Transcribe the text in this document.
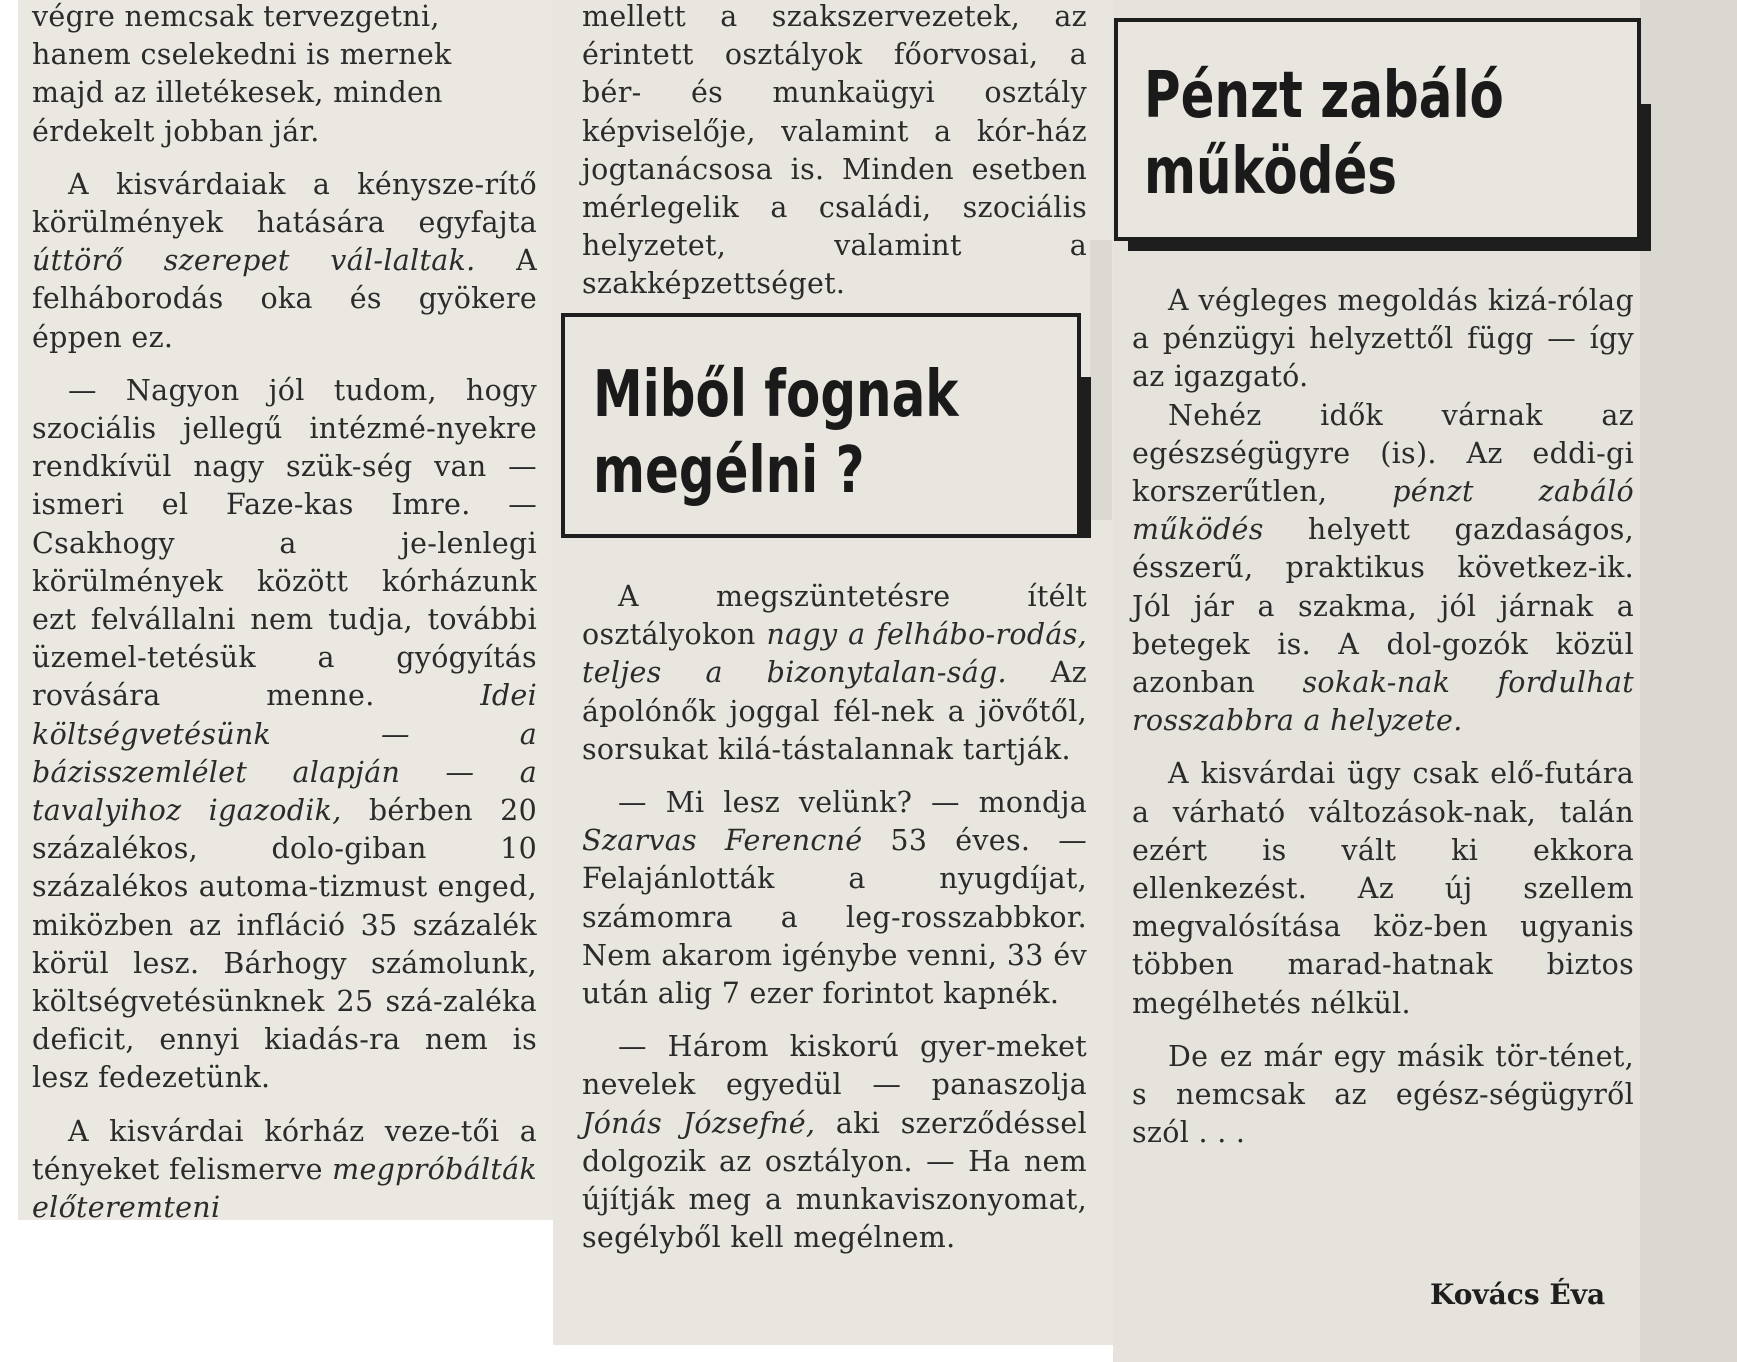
végre nemcsak tervezgetni,
hanem cselekedni is mernek
majd az illetékesek, minden
érdekelt jobban jár.

A kisvárdaiak a kénysze-rítő körülmények hatására egyfajta úttörő szerepet vál-laltak. A felháborodás oka és gyökere éppen ez.

— Nagyon jól tudom, hogy szociális jellegű intézmé-nyekre rendkívül nagy szük-ség van — ismeri el Faze-kas Imre. — Csakhogy a je-lenlegi körülmények között kórházunk ezt felvállalni nem tudja, további üzemel-tetésük a gyógyítás rovására menne. Idei költségvetésünk — a bázisszemlélet alapján — a tavalyihoz igazodik, bérben 20 százalékos, dolo-giban 10 százalékos automa-tizmust enged, miközben az infláció 35 százalék körül lesz. Bárhogy számolunk, költségvetésünknek 25 szá-zaléka deficit, ennyi kiadás-ra nem is lesz fedezetünk.

A kisvárdai kórház veze-tői a tényeket felismerve megpróbálták előteremteni

mellett a szakszervezetek, az érintett osztályok főorvosai, a bér- és munkaügyi osztály képviselője, valamint a kór-ház jogtanácsosa is. Minden esetben mérlegelik a családi, szociális helyzetet, valamint a szakképzettséget.

Miből fognak
megélni ?

A megszüntetésre ítélt osztályokon nagy a felhábo-rodás, teljes a bizonytalan-ság. Az ápolónők joggal fél-nek a jövőtől, sorsukat kilá-tástalannak tartják.

— Mi lesz velünk? — mondja Szarvas Ferencné 53 éves. — Felajánlották a nyugdíjat, számomra a leg-rosszabbkor. Nem akarom igénybe venni, 33 év után alig 7 ezer forintot kapnék.

— Három kiskorú gyer-meket nevelek egyedül — panaszolja Jónás Józsefné, aki szerződéssel dolgozik az osztályon. — Ha nem újítják meg a munkaviszonyomat, segélyből kell megélnem.

Pénzt zabáló
működés

A végleges megoldás kizá-rólag a pénzügyi helyzettől függ — így az igazgató.

Nehéz idők várnak az egészségügyre (is). Az eddi-gi korszerűtlen, pénzt zabáló működés helyett gazdaságos, ésszerű, praktikus következ-ik. Jól jár a szakma, jól járnak a betegek is. A dol-gozók közül azonban sokak-nak fordulhat rosszabbra a helyzete.

A kisvárdai ügy csak elő-futára a várható változások-nak, talán ezért is vált ki ekkora ellenkezést. Az új szellem megvalósítása köz-ben ugyanis többen marad-hatnak biztos megélhetés nélkül.

De ez már egy másik tör-ténet, s nemcsak az egész-ségügyről szól . . .

Kovács Éva
